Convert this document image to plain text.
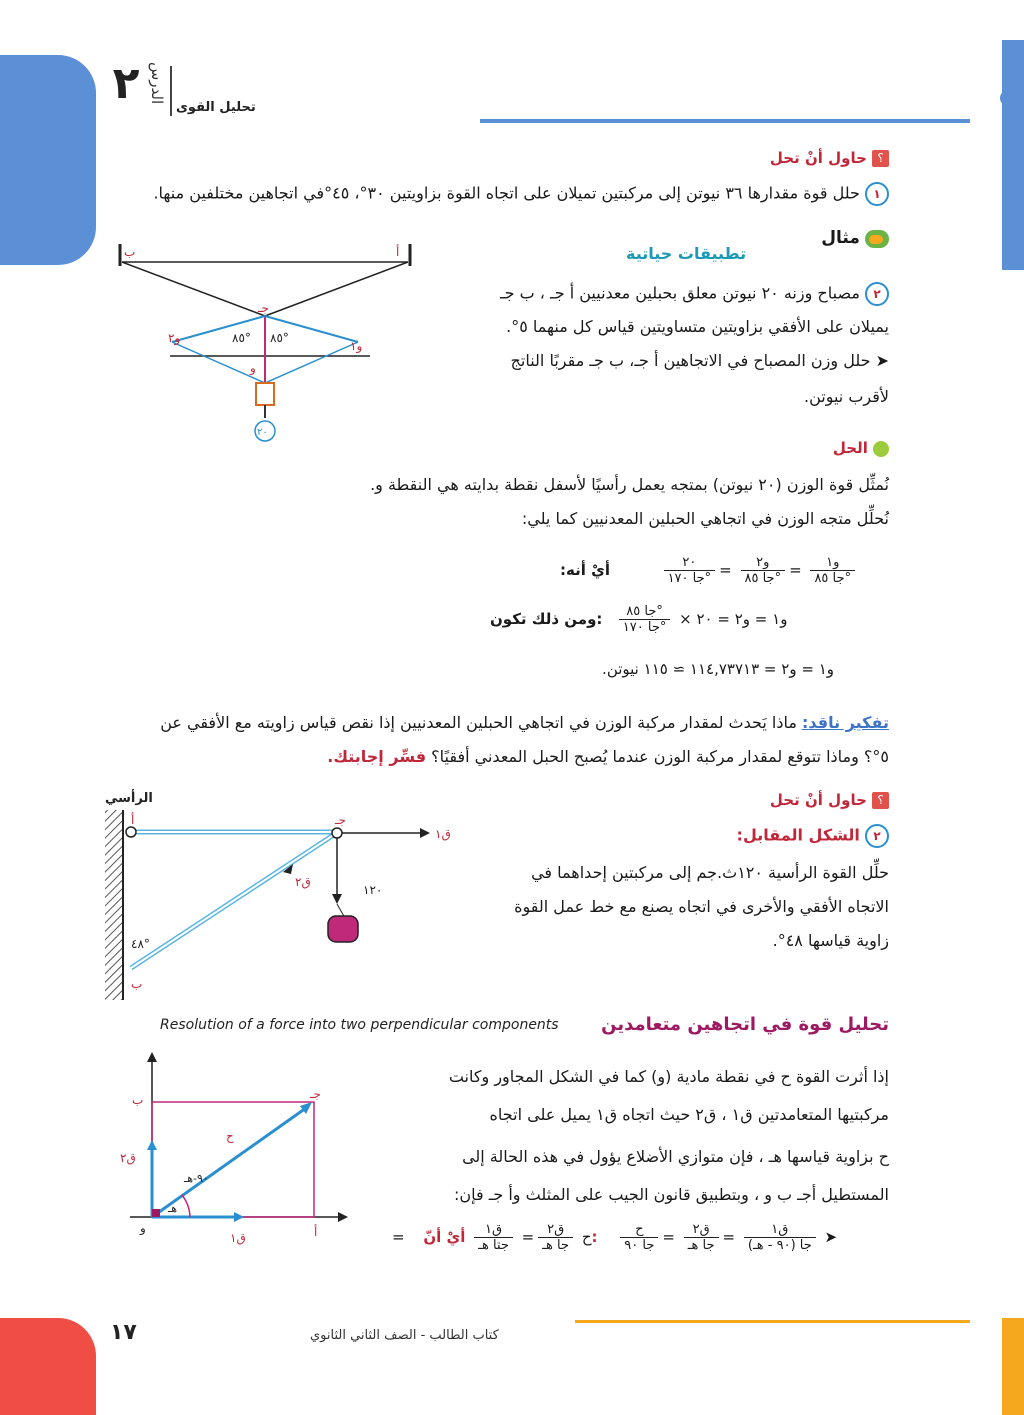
٢ الدرس
تحليل القوى
؟ حاول أنْ تحل
١ حلل قوة مقدارها ٣٦ نيوتن إلى مركبتين تميلان على اتجاه القوة بزاويتين ٣٠°، ٤٥°في اتجاهين مختلفين منها.
مثال
تطبيقات حياتية
٢ مصباح وزنه ٢٠ نيوتن معلق بحبلين معدنيين أ جـ ، ب جـ
يميلان على الأفقي بزاويتين متساويتين قياس كل منهما ٥°.
➤ حلل وزن المصباح في الاتجاهين أ جـ، ب جـ مقربًا الناتج
لأقرب نيوتن.
ب	أ
جـ
٨٥° ٨٥°
و٢
و١
و
٢٠
الحل
نُمثِّل قوة الوزن (٢٠ نيوتن) بمتجه يعمل رأسيًا لأسفل نقطة بدايته هي النقطة و.
نُحلِّل متجه الوزن في اتجاهي الحبلين المعدنيين كما يلي:
أيْ أنه:	$\frac{٢٠}{\text{جا ١٧٠°}} = \frac{\text{و٢}}{\text{جا ٨٥°}} = \frac{\text{و١}}{\text{جا ٨٥°}}$
ومن ذلك تكون: $\frac{\text{جا ٨٥°}}{\text{جا ١٧٠°}}$ و١ = و٢ = ٢٠ ×
و١ = و٢ = ١١٤,٧٣٧١٣ ≃ ١١٥ نيوتن.
تفكير ناقد: ماذا يَحدث لمقدار مركبة الوزن في اتجاهي الحبلين المعدنيين إذا نقص قياس زاويته مع الأفقي عن
٥°؟ وماذا تتوقع لمقدار مركبة الوزن عندما يُصبح الحبل المعدني أفقيًا؟ فسِّر إجابتك.
؟ حاول أنْ تحل
٢ الشكل المقابل:
حلِّل القوة الرأسية ١٢٠ث.جم إلى مركبتين إحداهما في
الاتجاه الأفقي والأخرى في اتجاه يصنع مع خط عمل القوة
زاوية قياسها ٤٨°.
الرأسي
أ
ب
جـ
ق١
ق٢
١٢٠
٤٨°
تحليل قوة في اتجاهين متعامدين
Resolution of a force into two perpendicular components
إذا أثرت القوة ح في نقطة مادية (و) كما في الشكل المجاور وكانت
مركبتيها المتعامدتين ق١ ، ق٢ حيث اتجاه ق١ يميل على اتجاه
ح بزاوية قياسها هـ ، فإن متوازي الأضلاع يؤول في هذه الحالة إلى
المستطيل أجـ ب و ، وبتطبيق قانون الجيب على المثلث وأ جـ فإن:
= ح
$\frac{\text{ق٢}}{\text{جا هـ}}$
=
$\frac{\text{ق١}}{\text{جتا هـ}}$
أيْ أنّ: $\frac{\text{ح}}{\text{جا ٩٠}} = \frac{\text{ق٢}}{\text{جا هـ}} = \frac{\text{ق١}}{\text{جا (٩٠ - هـ)}}$ ➤
ب	جـ
أ
و
ق٢
ق١
ح
٩٠-هـ
هـ
١٧	كتاب الطالب - الصف الثاني الثانوي
